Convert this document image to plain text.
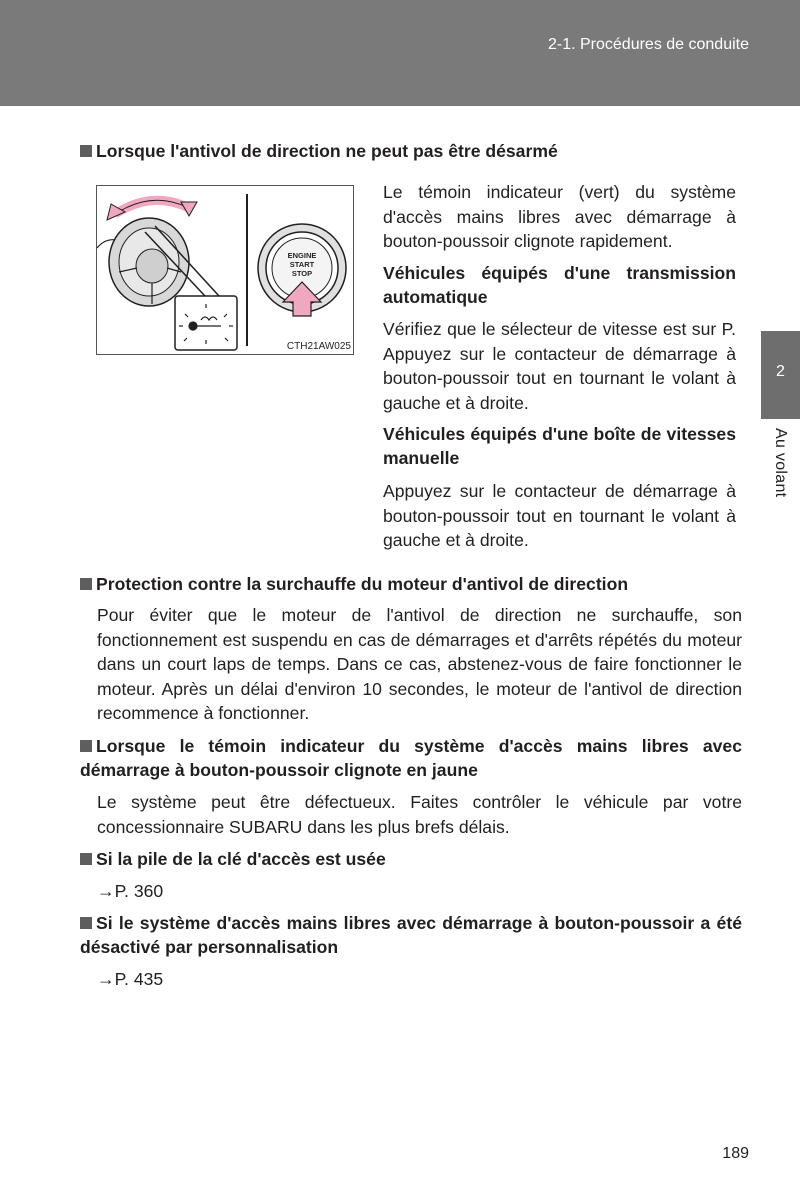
2-1. Procédures de conduite
2
Au volant
Lorsque l'antivol de direction ne peut pas être désarmé
ENGINE
START
STOP
CTH21AW025
Le témoin indicateur (vert) du système d'accès mains libres avec démarrage à bouton-poussoir clignote rapidement.
Véhicules équipés d'une transmission automatique
Vérifiez que le sélecteur de vitesse est sur P. Appuyez sur le contacteur de démarrage à bouton-poussoir tout en tournant le volant à gauche et à droite.
Véhicules équipés d'une boîte de vitesses manuelle
Appuyez sur le contacteur de démarrage à bouton-poussoir tout en tournant le volant à gauche et à droite.
Protection contre la surchauffe du moteur d'antivol de direction
Pour éviter que le moteur de l'antivol de direction ne surchauffe, son fonctionnement est suspendu en cas de démarrages et d'arrêts répétés du moteur dans un court laps de temps. Dans ce cas, abstenez-vous de faire fonctionner le moteur. Après un délai d'environ 10 secondes, le moteur de l'antivol de direction recommence à fonctionner.
Lorsque le témoin indicateur du système d'accès mains libres avec démarrage à bouton-poussoir clignote en jaune
Le système peut être défectueux. Faites contrôler le véhicule par votre concessionnaire SUBARU dans les plus brefs délais.
Si la pile de la clé d'accès est usée
→P. 360
Si le système d'accès mains libres avec démarrage à bouton-poussoir a été désactivé par personnalisation
→P. 435
189
